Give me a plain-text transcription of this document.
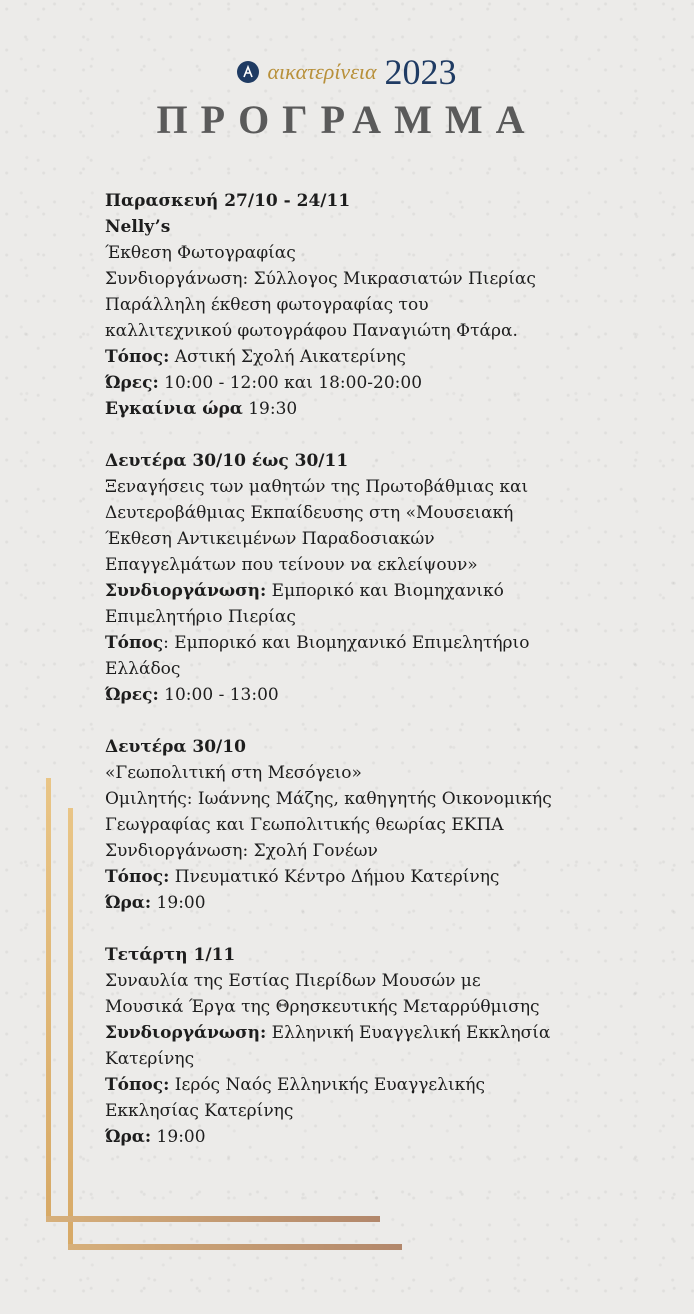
αικατερίνεια 2023
ΠΡΟΓΡΑΜΜΑ
Παρασκευή 27/10 - 24/11
Nelly’s
Έκθεση Φωτογραφίας
Συνδιοργάνωση: Σύλλογος Μικρασιατών Πιερίας
Παράλληλη έκθεση φωτογραφίας του
καλλιτεχνικού φωτογράφου Παναγιώτη Φτάρα.
Τόπος: Αστική Σχολή Αικατερίνης
Ώρες: 10:00 - 12:00 και 18:00-20:00
Εγκαίνια ώρα 19:30
Δευτέρα 30/10 έως 30/11
Ξεναγήσεις των μαθητών της Πρωτοβάθμιας και
Δευτεροβάθμιας Εκπαίδευσης στη «Μουσειακή
Έκθεση Αντικειμένων Παραδοσιακών
Επαγγελμάτων που τείνουν να εκλείψουν»
Συνδιοργάνωση: Εμπορικό και Βιομηχανικό
Επιμελητήριο Πιερίας
Τόπος: Εμπορικό και Βιομηχανικό Επιμελητήριο
Ελλάδος
Ώρες: 10:00 - 13:00
Δευτέρα 30/10
«Γεωπολιτική στη Μεσόγειο»
Ομιλητής: Ιωάννης Μάζης, καθηγητής Οικονομικής
Γεωγραφίας και Γεωπολιτικής θεωρίας ΕΚΠΑ
Συνδιοργάνωση: Σχολή Γονέων
Τόπος: Πνευματικό Κέντρο Δήμου Κατερίνης
Ώρα: 19:00
Τετάρτη 1/11
Συναυλία της Εστίας Πιερίδων Μουσών με
Μουσικά Έργα της Θρησκευτικής Μεταρρύθμισης
Συνδιοργάνωση: Ελληνική Ευαγγελική Εκκλησία
Κατερίνης
Τόπος: Ιερός Ναός Ελληνικής Ευαγγελικής
Εκκλησίας Κατερίνης
Ώρα: 19:00
